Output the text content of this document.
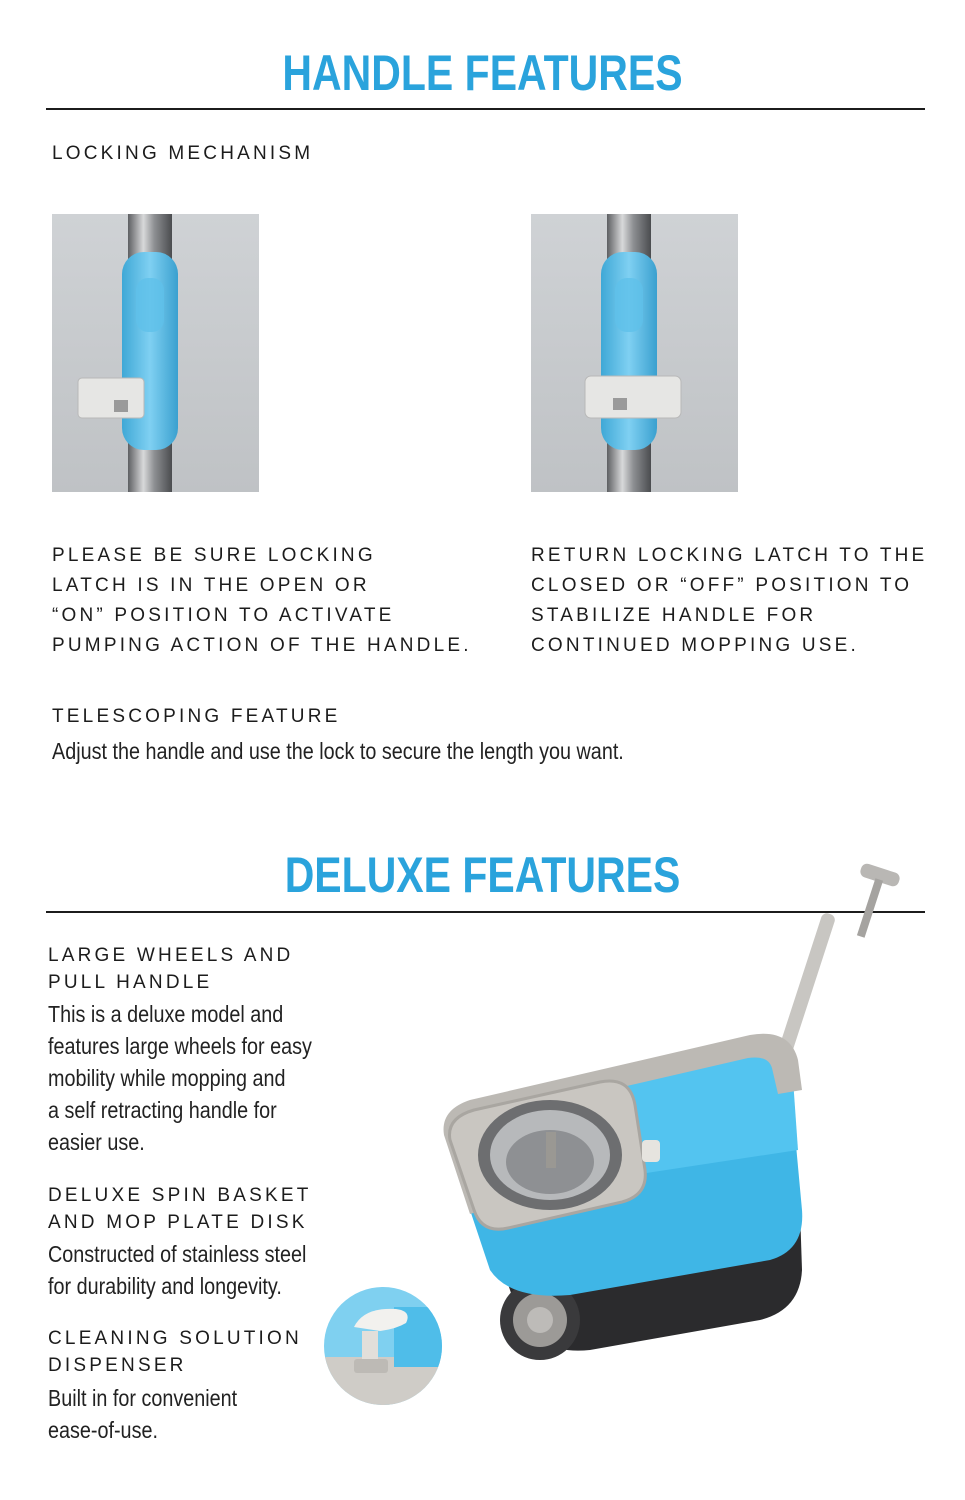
HANDLE FEATURES
LOCKING MECHANISM
PLEASE BE SURE LOCKING
LATCH IS IN THE OPEN OR
“ON” POSITION TO ACTIVATE
PUMPING ACTION OF THE HANDLE.
RETURN LOCKING LATCH TO THE
CLOSED OR “OFF” POSITION TO
STABILIZE HANDLE FOR
CONTINUED MOPPING USE.
TELESCOPING FEATURE
Adjust the handle and use the lock to secure the length you want.
DELUXE FEATURES
LARGE WHEELS AND
PULL HANDLE
This is a deluxe model and
features large wheels for easy
mobility while mopping and
a self retracting handle for
easier use.
DELUXE SPIN BASKET
AND MOP PLATE DISK
Constructed of stainless steel
for durability and longevity.
CLEANING SOLUTION
DISPENSER
Built in for convenient
ease-of-use.
